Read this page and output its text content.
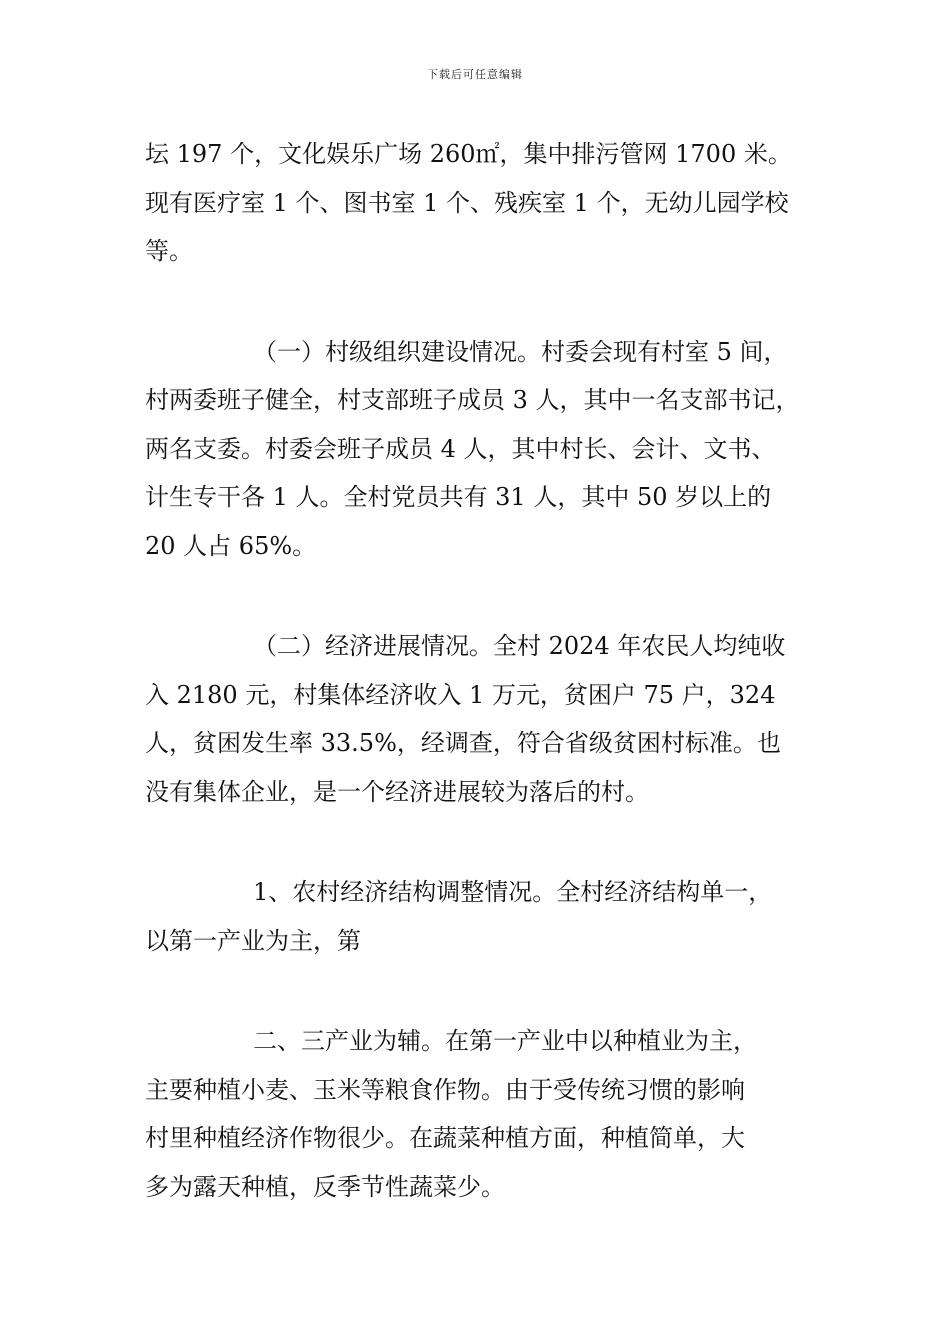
下载后可任意编辑

坛 197 个，文化娱乐广场 260㎡，集中排污管网 1700 米。
现有医疗室 1 个、图书室 1 个、残疾室 1 个，无幼儿园学校
等。

（一）村级组织建设情况。村委会现有村室 5 间，
村两委班子健全，村支部班子成员 3 人，其中一名支部书记，
两名支委。村委会班子成员 4 人，其中村长、会计、文书、
计生专干各 1 人。全村党员共有 31 人，其中 50 岁以上的
20 人占 65%。

（二）经济进展情况。全村 2024 年农民人均纯收
入 2180 元，村集体经济收入 1 万元，贫困户 75 户，324
人，贫困发生率 33.5%，经调查，符合省级贫困村标准。也
没有集体企业，是一个经济进展较为落后的村。

1、农村经济结构调整情况。全村经济结构单一，
以第一产业为主，第

二、三产业为辅。在第一产业中以种植业为主，
主要种植小麦、玉米等粮食作物。由于受传统习惯的影响
村里种植经济作物很少。在蔬菜种植方面，种植简单，大
多为露天种植，反季节性蔬菜少。
